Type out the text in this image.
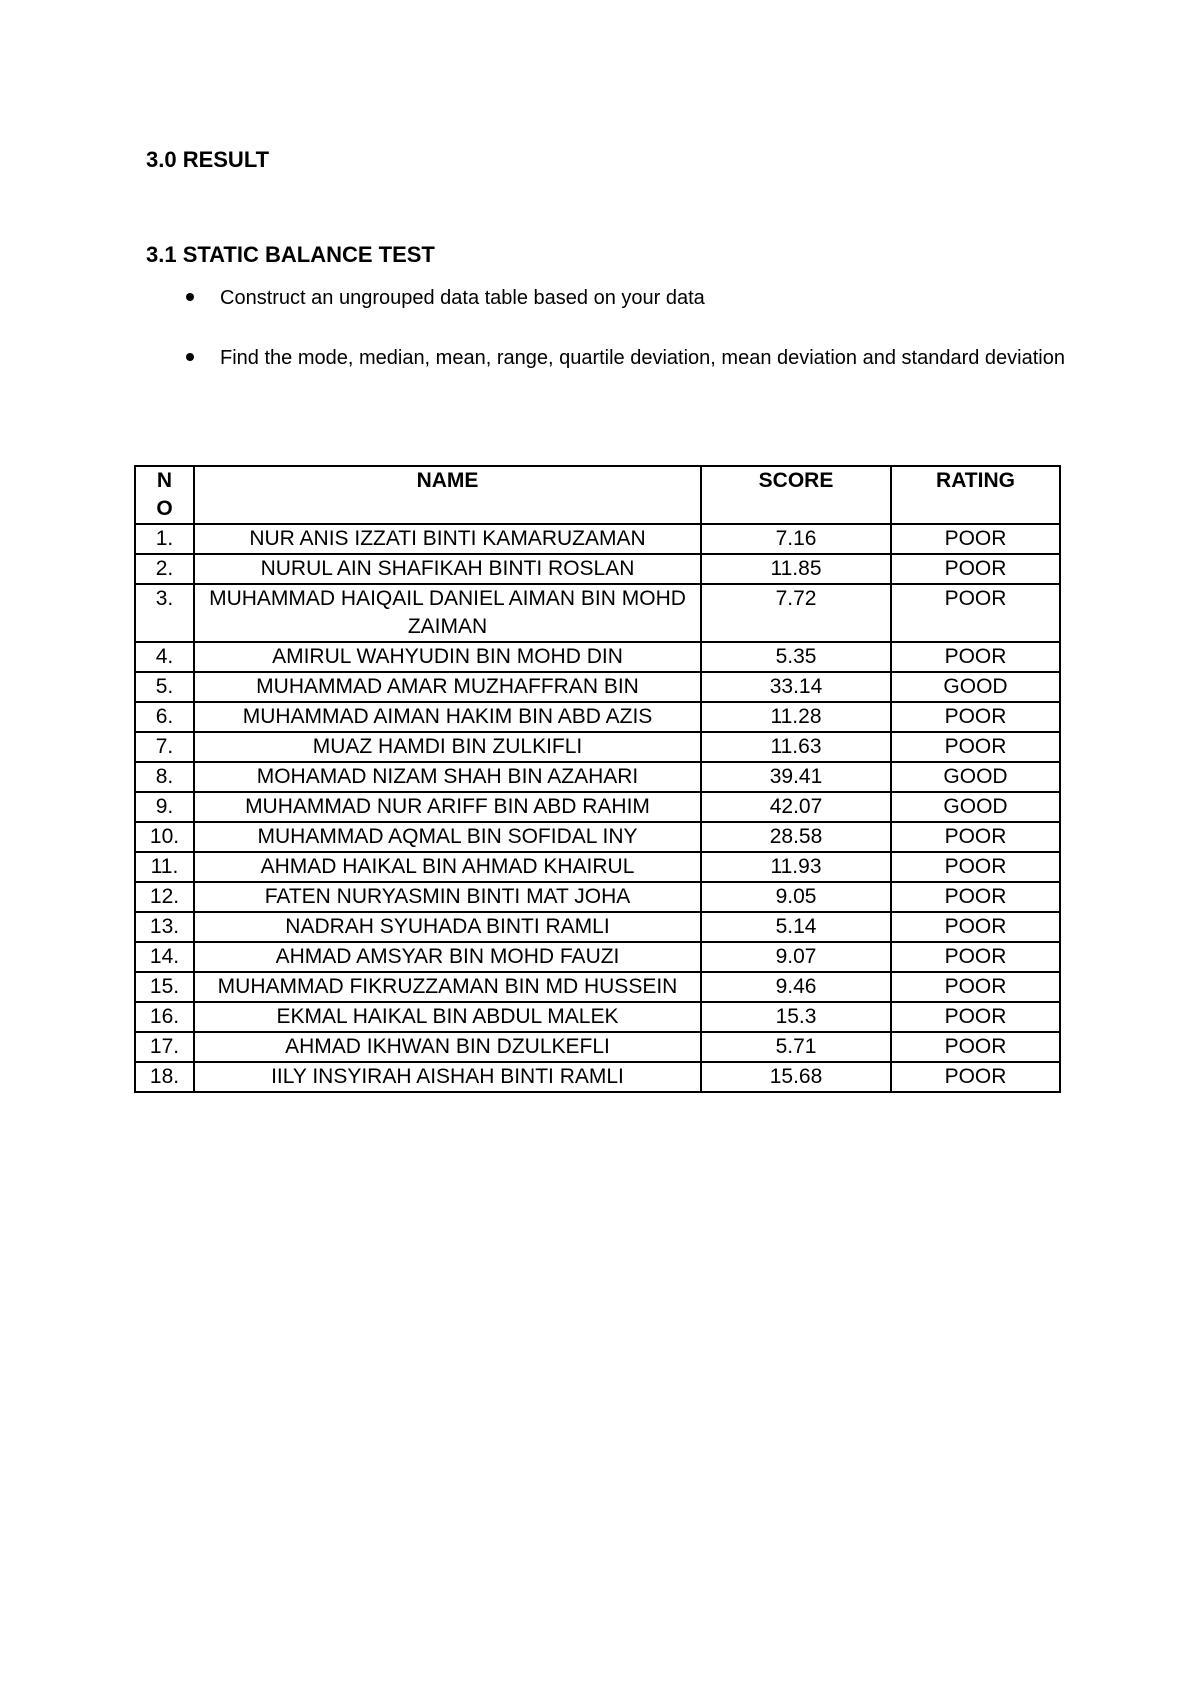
3.0 RESULT
3.1 STATIC BALANCE TEST
Construct an ungrouped data table based on your data
Find the mode, median, mean, range, quartile deviation, mean deviation and standard deviation
N
O	NAME	SCORE	RATING
1.	NUR ANIS IZZATI BINTI KAMARUZAMAN	7.16	POOR
2.	NURUL AIN SHAFIKAH BINTI ROSLAN	11.85	POOR
3.	MUHAMMAD HAIQAIL DANIEL AIMAN BIN MOHD ZAIMAN	7.72	POOR
4.	AMIRUL WAHYUDIN BIN MOHD DIN	5.35	POOR
5.	MUHAMMAD AMAR MUZHAFFRAN BIN	33.14	GOOD
6.	MUHAMMAD AIMAN HAKIM BIN ABD AZIS	11.28	POOR
7.	MUAZ HAMDI BIN ZULKIFLI	11.63	POOR
8.	MOHAMAD NIZAM SHAH BIN AZAHARI	39.41	GOOD
9.	MUHAMMAD NUR ARIFF BIN ABD RAHIM	42.07	GOOD
10.	MUHAMMAD AQMAL BIN SOFIDAL INY	28.58	POOR
11.	AHMAD HAIKAL BIN AHMAD KHAIRUL	11.93	POOR
12.	FATEN NURYASMIN BINTI MAT JOHA	9.05	POOR
13.	NADRAH SYUHADA BINTI RAMLI	5.14	POOR
14.	AHMAD AMSYAR BIN MOHD FAUZI	9.07	POOR
15.	MUHAMMAD FIKRUZZAMAN BIN MD HUSSEIN	9.46	POOR
16.	EKMAL HAIKAL BIN ABDUL MALEK	15.3	POOR
17.	AHMAD IKHWAN BIN DZULKEFLI	5.71	POOR
18.	IILY INSYIRAH AISHAH BINTI RAMLI	15.68	POOR
